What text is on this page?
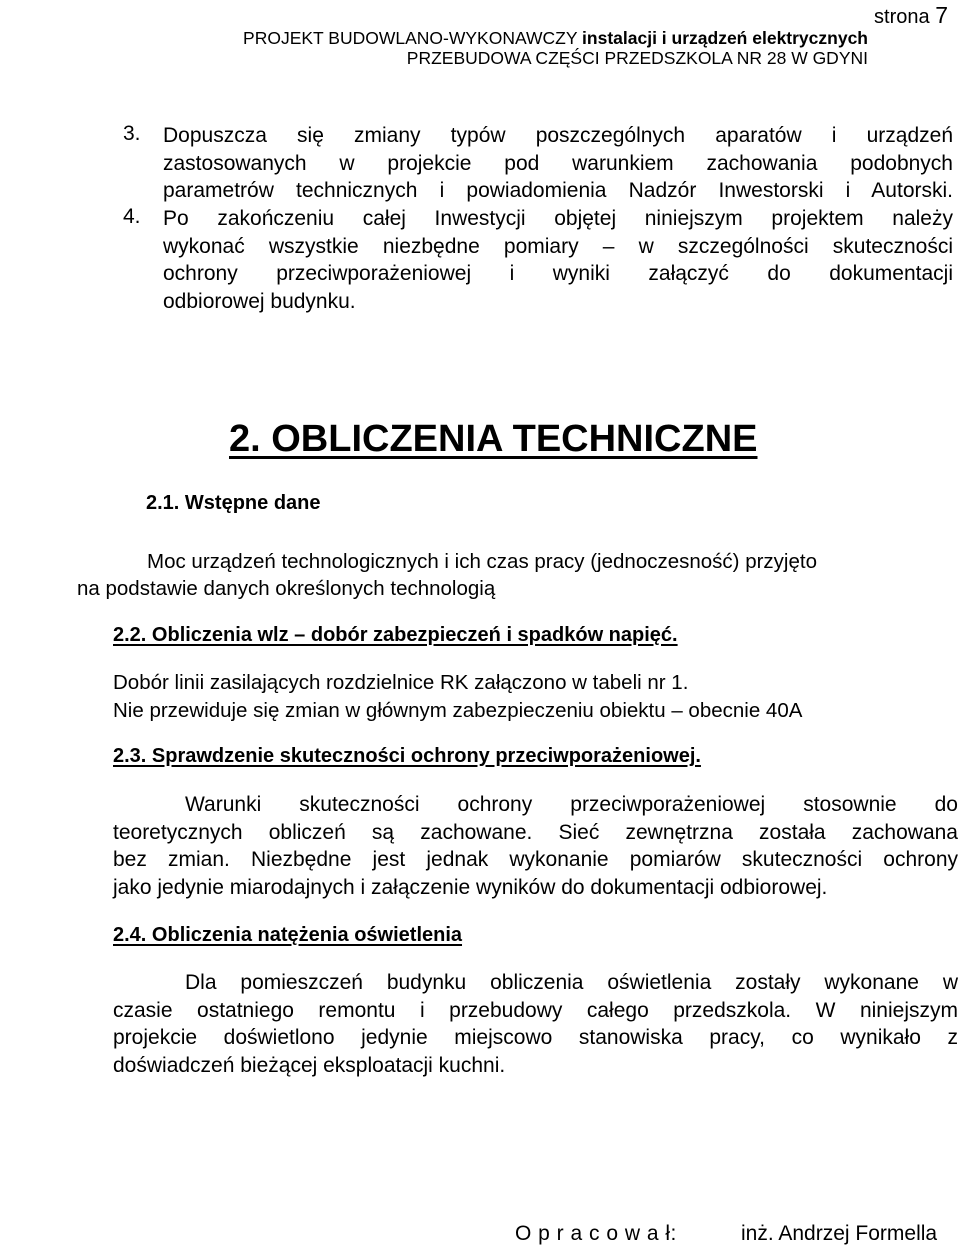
strona 7
PROJEKT BUDOWLANO-WYKONAWCZY instalacji i urządzeń elektrycznych
PRZEBUDOWA CZĘŚCI PRZEDSZKOLA NR 28 W GDYNI
3. Dopuszcza się zmiany typów poszczególnych aparatów i urządzeń
zastosowanych w projekcie pod warunkiem zachowania podobnych
parametrów technicznych i powiadomienia Nadzór Inwestorski i Autorski.
4. Po zakończeniu całej Inwestycji objętej niniejszym projektem należy
wykonać wszystkie niezbędne pomiary – w szczególności skuteczności
ochrony przeciwporażeniowej i wyniki załączyć do dokumentacji
odbiorowej budynku.
2. OBLICZENIA TECHNICZNE
2.1. Wstępne dane
Moc urządzeń technologicznych i ich czas pracy (jednoczesność) przyjęto
na podstawie danych określonych technologią
2.2. Obliczenia wlz – dobór zabezpieczeń i spadków napięć.
Dobór linii zasilających rozdzielnice RK załączono w tabeli nr 1.
Nie przewiduje się zmian w głównym zabezpieczeniu obiektu – obecnie 40A
2.3. Sprawdzenie skuteczności ochrony przeciwporażeniowej.
Warunki skuteczności ochrony przeciwporażeniowej stosownie do
teoretycznych obliczeń są zachowane. Sieć zewnętrzna została zachowana
bez zmian. Niezbędne jest jednak wykonanie pomiarów skuteczności ochrony
jako jedynie miarodajnych i załączenie wyników do dokumentacji odbiorowej.
2.4. Obliczenia natężenia oświetlenia
Dla pomieszczeń budynku obliczenia oświetlenia zostały wykonane w
czasie ostatniego remontu i przebudowy całego przedszkola. W niniejszym
projekcie doświetlono jedynie miejscowo stanowiska pracy, co wynikało z
doświadczeń bieżącej eksploatacji kuchni.
O p r a c o w a ł:	inż. Andrzej Formella
